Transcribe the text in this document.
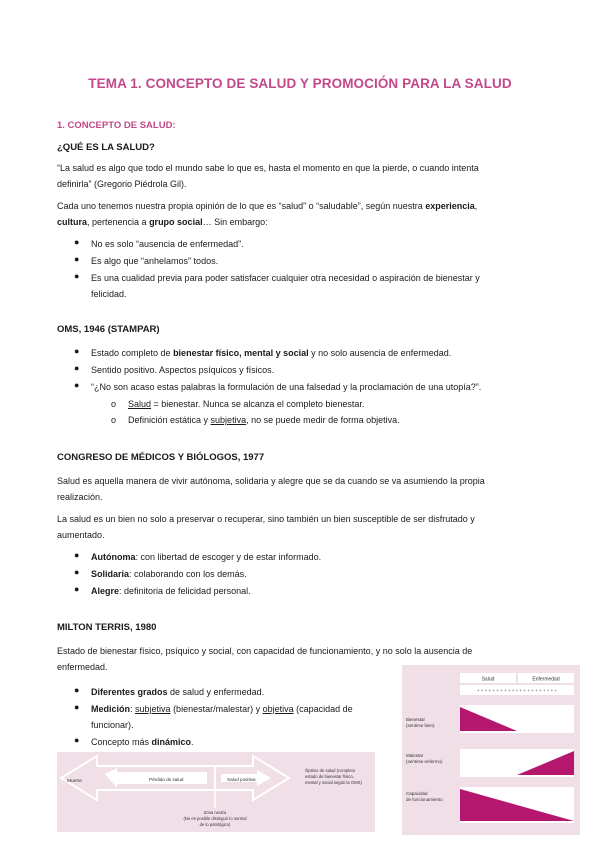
TEMA 1. CONCEPTO DE SALUD Y PROMOCIÓN PARA LA SALUD
1. CONCEPTO DE SALUD:
¿QUÉ ES LA SALUD?
“La salud es algo que todo el mundo sabe lo que es, hasta el momento en que la pierde, o cuando intenta
definirla” (Gregorio Piédrola Gil).
Cada uno tenemos nuestra propia opinión de lo que es “salud” o “saludable”, según nuestra experiencia,
cultura, pertenencia a grupo social… Sin embargo:
● No es solo “ausencia de enfermedad”.
● Es algo que “anhelamos” todos.
● Es una cualidad previa para poder satisfacer cualquier otra necesidad o aspiración de bienestar y
felicidad.
OMS, 1946 (STAMPAR)
● Estado completo de bienestar físico, mental y social y no solo ausencia de enfermedad.
● Sentido positivo. Aspectos psíquicos y físicos.
● “¿No son acaso estas palabras la formulación de una falsedad y la proclamación de una utopía?”.
o Salud = bienestar. Nunca se alcanza el completo bienestar.
o Definición estática y subjetiva, no se puede medir de forma objetiva.
CONGRESO DE MÉDICOS Y BIÓLOGOS, 1977
Salud es aquella manera de vivir autónoma, solidaria y alegre que se da cuando se va asumiendo la propia
realización.
La salud es un bien no solo a preservar o recuperar, sino también un bien susceptible de ser disfrutado y
aumentado.
● Autónoma: con libertad de escoger y de estar informado.
● Solidaria: colaborando con los demás.
● Alegre: definitoria de felicidad personal.
MILTON TERRIS, 1980
Estado de bienestar físico, psíquico y social, con capacidad de funcionamiento, y no solo la ausencia de
enfermedad.
● Diferentes grados de salud y enfermedad.
● Medición: subjetiva (bienestar/malestar) y objetiva (capacidad de
funcionar).
● Concepto más dinámico.
Muerte	Pérdida de salud	Salud positiva
Óptimo de salud (completo
estado de bienestar físico,
mental y social según la OMS)
Zona neutra
(No es posible distinguir lo normal
de lo patológico)
Salud	Enfermedad
+ + + + + + + + + + + + + + + + + + + + +
Bienestar
(sentirse bien)
Malestar
(sentirse enfermo)
Capacidad
de funcionamiento
